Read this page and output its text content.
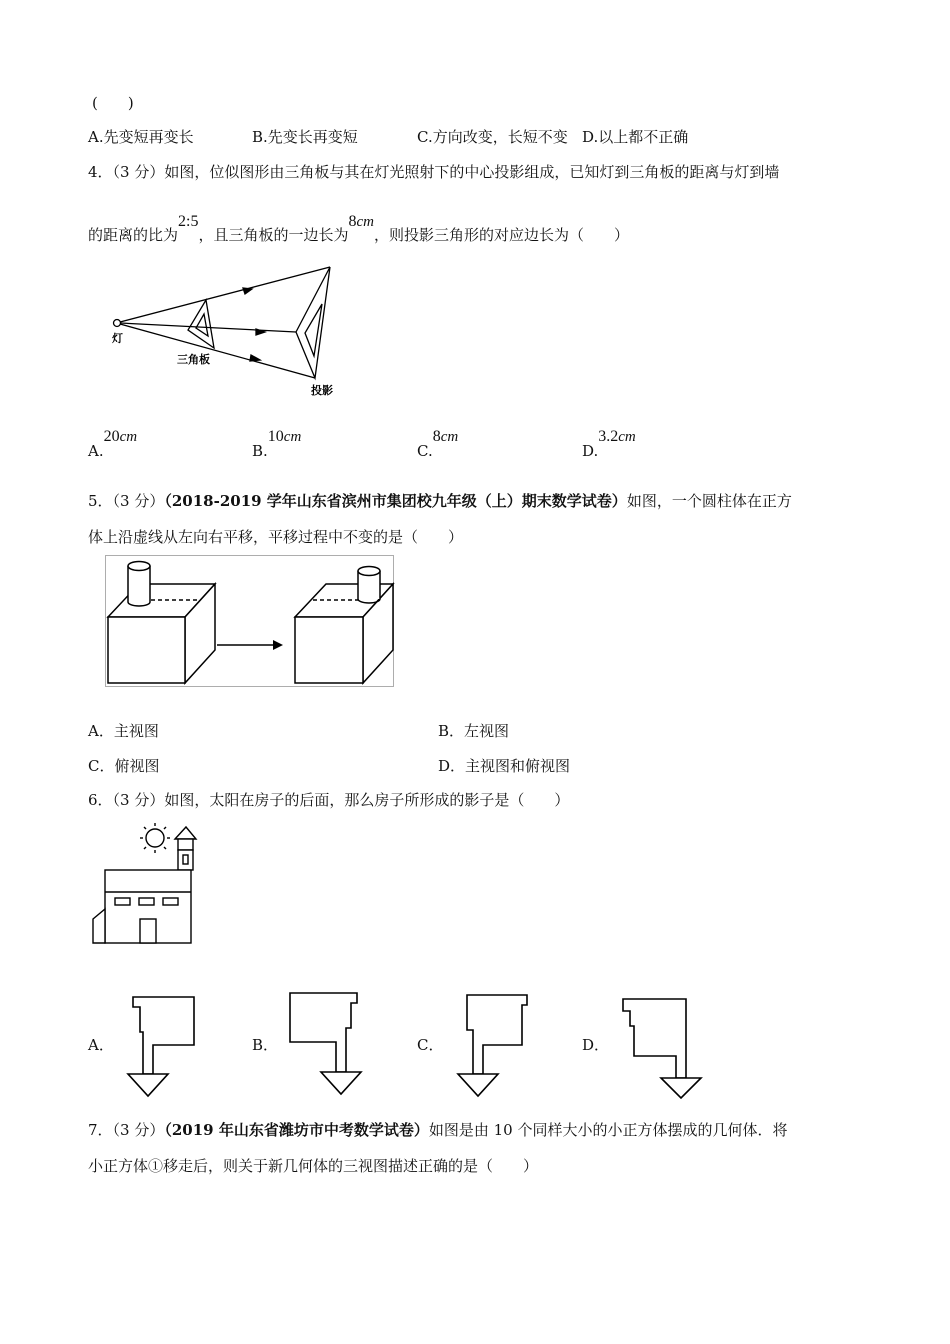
(　　)
A.先变短再变长	B.先变长再变短	C.方向改变，长短不变 D.以上都不正确
4．（3 分）如图，位似图形由三角板与其在灯光照射下的中心投影组成，已知灯到三角板的距离与灯到墙
的距离的比为2:5，且三角板的一边长为8cm，则投影三角形的对应边长为（　　）
灯
三角板
投影
A.20cm
B.10cm
C.8cm
D.3.2cm
5．（3 分）（2018-2019 学年山东省滨州市集团校九年级（上）期末数学试卷）如图，一个圆柱体在正方
体上沿虚线从左向右平移，平移过程中不变的是（　　）
A．主视图	B．左视图
C．俯视图	D．主视图和俯视图
6．（3 分）如图，太阳在房子的后面，那么房子所形成的影子是（　　）
A．	B．	C．	D．
7．（3 分）（2019 年山东省潍坊市中考数学试卷）如图是由 10 个同样大小的小正方体摆成的几何体．将
小正方体①移走后，则关于新几何体的三视图描述正确的是（　　）
